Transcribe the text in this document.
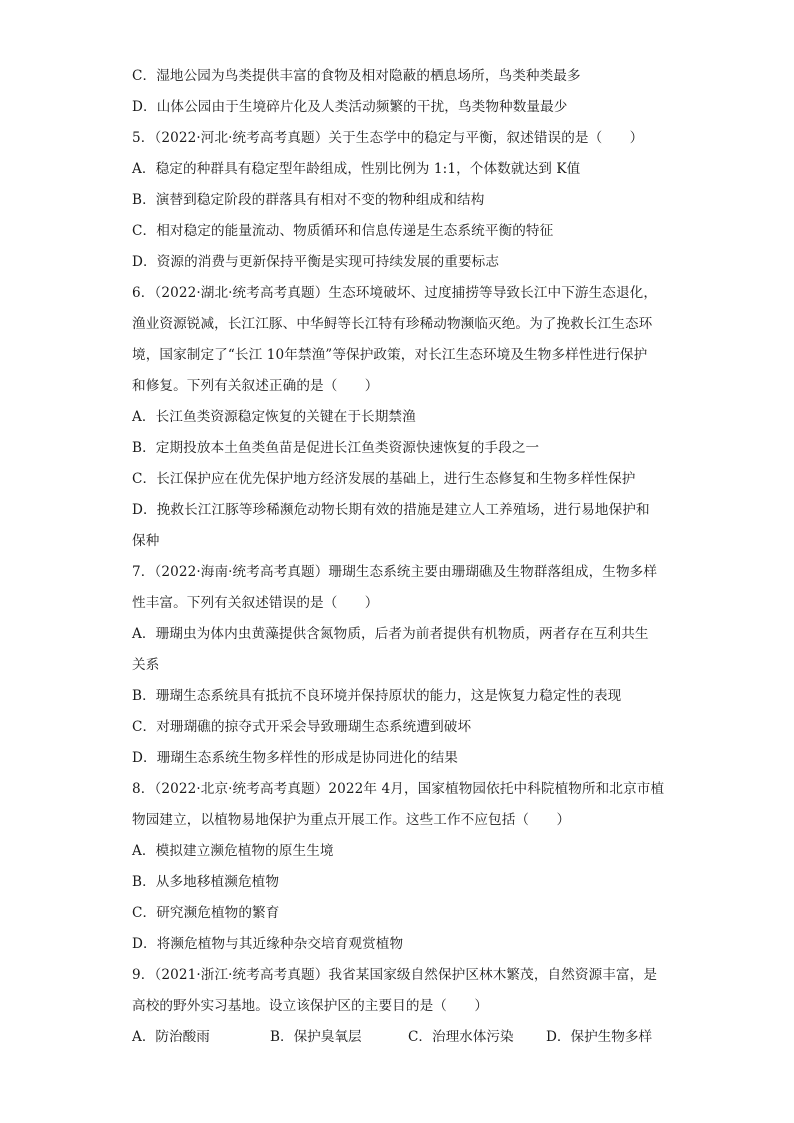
C．湿地公园为鸟类提供丰富的食物及相对隐蔽的栖息场所，鸟类种类最多
D．山体公园由于生境碎片化及人类活动频繁的干扰，鸟类物种数量最少
5．（2022·河北·统考高考真题）关于生态学中的稳定与平衡，叙述错误的是（　　）
A．稳定的种群具有稳定型年龄组成，性别比例为 1:1，个体数就达到 K值
B．演替到稳定阶段的群落具有相对不变的物种组成和结构
C．相对稳定的能量流动、物质循环和信息传递是生态系统平衡的特征
D．资源的消费与更新保持平衡是实现可持续发展的重要标志
6．（2022·湖北·统考高考真题）生态环境破坏、过度捕捞等导致长江中下游生态退化，
渔业资源锐减，长江江豚、中华鲟等长江特有珍稀动物濒临灭绝。为了挽救长江生态环
境，国家制定了“长江 10年禁渔”等保护政策，对长江生态环境及生物多样性进行保护
和修复。下列有关叙述正确的是（　　）
A．长江鱼类资源稳定恢复的关键在于长期禁渔
B．定期投放本土鱼类鱼苗是促进长江鱼类资源快速恢复的手段之一
C．长江保护应在优先保护地方经济发展的基础上，进行生态修复和生物多样性保护
D．挽救长江江豚等珍稀濒危动物长期有效的措施是建立人工养殖场，进行易地保护和
保种
7．（2022·海南·统考高考真题）珊瑚生态系统主要由珊瑚礁及生物群落组成，生物多样
性丰富。下列有关叙述错误的是（　　）
A．珊瑚虫为体内虫黄藻提供含氮物质，后者为前者提供有机物质，两者存在互利共生
关系
B．珊瑚生态系统具有抵抗不良环境并保持原状的能力，这是恢复力稳定性的表现
C．对珊瑚礁的掠夺式开采会导致珊瑚生态系统遭到破坏
D．珊瑚生态系统生物多样性的形成是协同进化的结果
8．（2022·北京·统考高考真题）2022年 4月，国家植物园依托中科院植物所和北京市植
物园建立，以植物易地保护为重点开展工作。这些工作不应包括（　　）
A．模拟建立濒危植物的原生生境
B．从多地移植濒危植物
C．研究濒危植物的繁育
D．将濒危植物与其近缘种杂交培育观赏植物
9．（2021·浙江·统考高考真题）我省某国家级自然保护区林木繁茂，自然资源丰富，是
高校的野外实习基地。设立该保护区的主要目的是（　　）
A．防治酸雨	B．保护臭氧层	C．治理水体污染 D．保护生物多样
